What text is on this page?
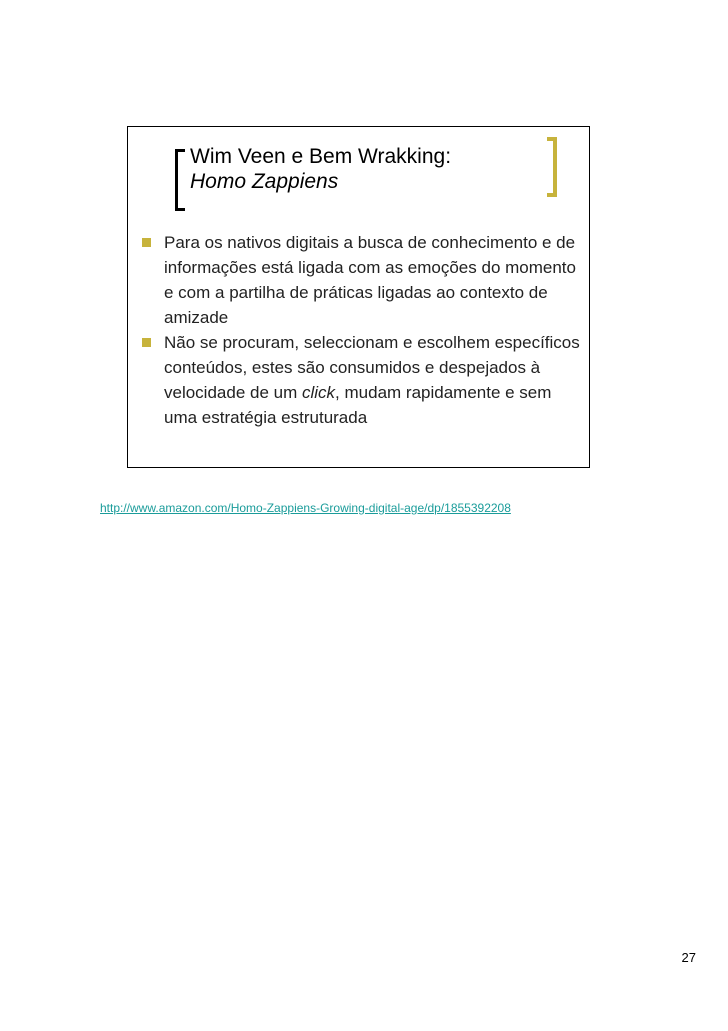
Wim Veen e Bem Wrakking:
Homo Zappiens
Para os nativos digitais a busca de conhecimento e de informações está ligada com as emoções do momento e com a partilha de práticas ligadas ao contexto de amizade
Não se procuram, seleccionam e escolhem específicos conteúdos, estes são consumidos e despejados à velocidade de um click, mudam rapidamente e sem uma estratégia estruturada
http://www.amazon.com/Homo-Zappiens-Growing-digital-age/dp/1855392208
27
